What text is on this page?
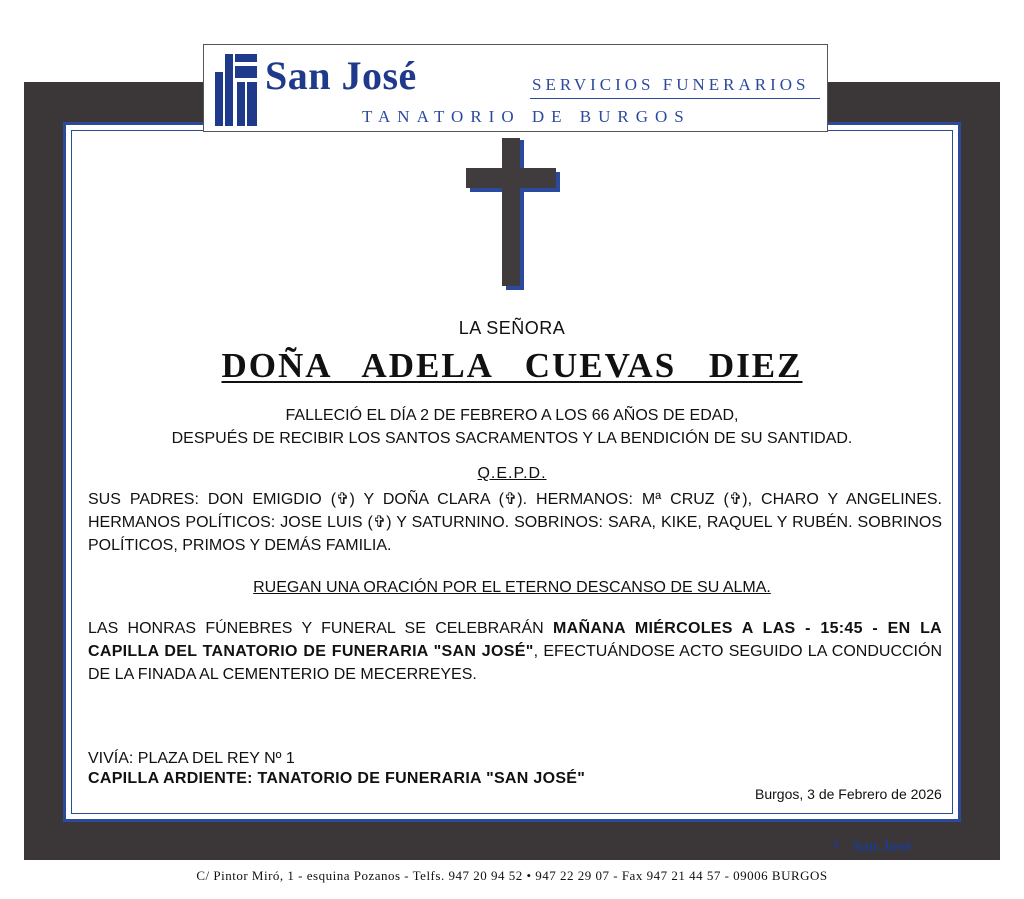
San José	SERVICIOS FUNERARIOS
TANATORIO DE BURGOS
LA SEÑORA
DOÑA ADELA CUEVAS DIEZ
FALLECIÓ EL DÍA 2 DE FEBRERO A LOS 66 AÑOS DE EDAD,
DESPUÉS DE RECIBIR LOS SANTOS SACRAMENTOS Y LA BENDICIÓN DE SU SANTIDAD.
Q.E.P.D.
SUS PADRES: DON EMIGDIO (✞) Y DOÑA CLARA (✞). HERMANOS: Mª CRUZ (✞), CHARO Y ANGELINES. HERMANOS POLÍTICOS: JOSE LUIS (✞) Y SATURNINO. SOBRINOS: SARA, KIKE, RAQUEL Y RUBÉN. SOBRINOS POLÍTICOS, PRIMOS Y DEMÁS FAMILIA.
RUEGAN UNA ORACIÓN POR EL ETERNO DESCANSO DE SU ALMA.
LAS HONRAS FÚNEBRES Y FUNERAL SE CELEBRARÁN MAÑANA MIÉRCOLES A LAS - 15:45 - EN LA CAPILLA DEL TANATORIO DE FUNERARIA "SAN JOSÉ", EFECTUÁNDOSE ACTO SEGUIDO LA CONDUCCIÓN DE LA FINADA AL CEMENTERIO DE MECERREYES.
VIVÍA: PLAZA DEL REY Nº 1
CAPILLA ARDIENTE: TANATORIO DE FUNERARIA "SAN JOSÉ"
Burgos, 3 de Febrero de 2026
San José
C/ Pintor Miró, 1 - esquina Pozanos - Telfs. 947 20 94 52 • 947 22 29 07 - Fax 947 21 44 57 - 09006 BURGOS
